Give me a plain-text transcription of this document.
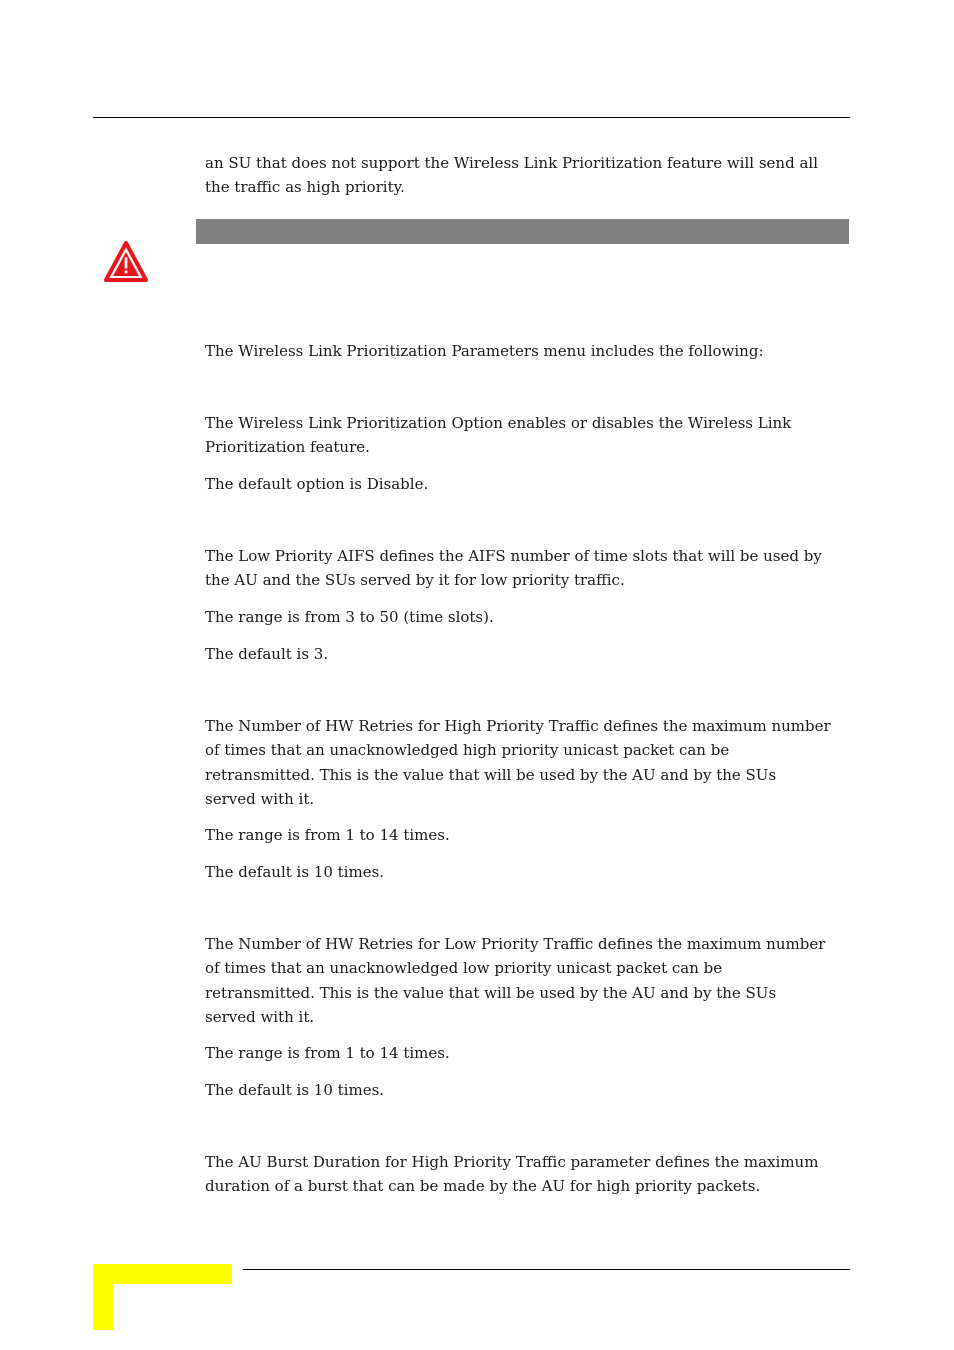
an SU that does not support the Wireless Link Prioritization feature will send all
the traffic as high priority.

The Wireless Link Prioritization Parameters menu includes the following:

The Wireless Link Prioritization Option enables or disables the Wireless Link
Prioritization feature.

The default option is Disable.

The Low Priority AIFS defines the AIFS number of time slots that will be used by
the AU and the SUs served by it for low priority traffic.

The range is from 3 to 50 (time slots).

The default is 3.

The Number of HW Retries for High Priority Traffic defines the maximum number
of times that an unacknowledged high priority unicast packet can be
retransmitted. This is the value that will be used by the AU and by the SUs
served with it.

The range is from 1 to 14 times.

The default is 10 times.

The Number of HW Retries for Low Priority Traffic defines the maximum number
of times that an unacknowledged low priority unicast packet can be
retransmitted. This is the value that will be used by the AU and by the SUs
served with it.

The range is from 1 to 14 times.

The default is 10 times.

The AU Burst Duration for High Priority Traffic parameter defines the maximum
duration of a burst that can be made by the AU for high priority packets.
